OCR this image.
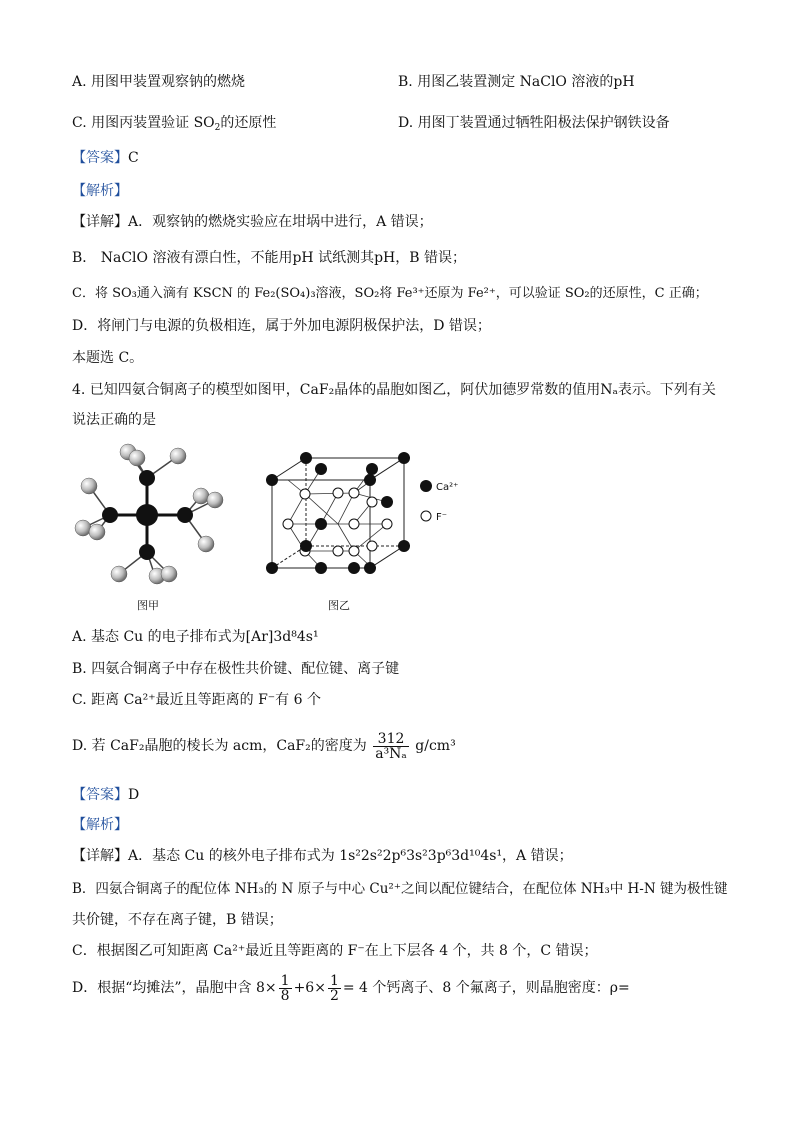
A. 用图甲装置观察钠的燃烧	B. 用图乙装置测定 NaClO 溶液的pH
C. 用图丙装置验证 $SO_2$的还原性	D. 用图丁装置通过牺牲阳极法保护钢铁设备
【答案】C
【解析】
【详解】A．观察钠的燃烧实验应在坩埚中进行，A 错误；
B． NaClO 溶液有漂白性，不能用pH 试纸测其pH，B 错误；
C．将 SO₃通入滴有 KSCN 的 Fe₂(SO₄)₃溶液，SO₂将 Fe³⁺还原为 Fe²⁺，可以验证 SO₂的还原性，C 正确；
D．将闸门与电源的负极相连，属于外加电源阴极保护法，D 错误；
本题选 C。
4. 已知四氨合铜离子的模型如图甲，CaF₂晶体的晶胞如图乙，阿伏加德罗常数的值用Nₐ表示。下列有关
说法正确的是
图甲
Ca²⁺
F⁻
图乙
A. 基态 Cu 的电子排布式为[Ar]3d⁸4s¹
B. 四氨合铜离子中存在极性共价键、配位键、离子键
C. 距离 Ca²⁺最近且等距离的 F⁻有 6 个
D. 若 CaF₂晶胞的棱长为 acm，CaF₂的密度为 $\frac{312}{\text{a³Nₐ}} g/cm^3$
【答案】D
【解析】
【详解】A．基态 Cu 的核外电子排布式为 1s²2s²2p⁶3s²3p⁶3d¹⁰4s¹，A 错误；
B．四氨合铜离子的配位体 NH₃的 N 原子与中心 Cu²⁺之间以配位键结合，在配位体 NH₃中 H-N 键为极性键
共价键，不存在离子键，B 错误；
C．根据图乙可知距离 Ca²⁺最近且等距离的 F⁻在上下层各 4 个，共 8 个，C 错误；
D．根据“均摊法”，晶胞中含 $8\times \frac{1}{8} +6\times \frac{1}{2} = 4$ 个钙离子、8 个氟离子，则晶胞密度：ρ=
